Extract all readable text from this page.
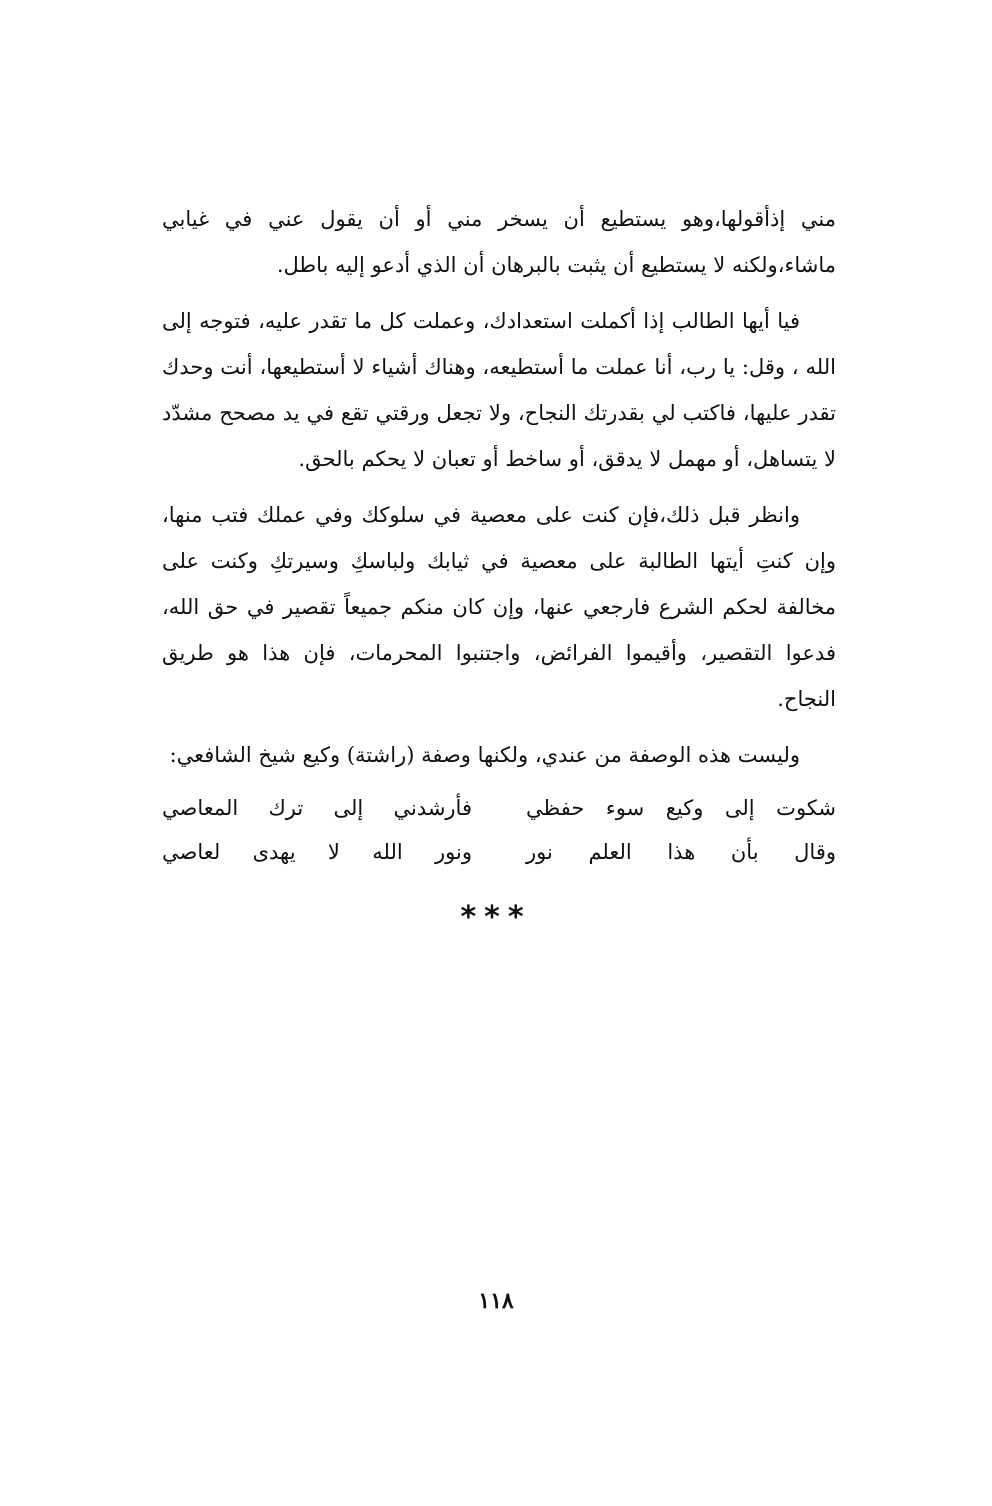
مني إذأقولها،وهو يستطيع أن يسخر مني أو أن يقول عني في غيابي ماشاء،ولكنه لا يستطيع أن يثبت بالبرهان أن الذي أدعو إليه باطل.

فيا أيها الطالب إذا أكملت استعدادك، وعملت كل ما تقدر عليه، فتوجه إلى الله ، وقل: يا رب، أنا عملت ما أستطيعه، وهناك أشياء لا أستطيعها، أنت وحدك تقدر عليها، فاكتب لي بقدرتك النجاح، ولا تجعل ورقتي تقع في يد مصحح مشدّد لا يتساهل، أو مهمل لا يدقق، أو ساخط أو تعبان لا يحكم بالحق.

وانظر قبل ذلك،فإن كنت على معصية في سلوكك وفي عملك فتب منها، وإن كنتِ أيتها الطالبة على معصية في ثيابك ولباسكِ وسيرتكِ وكنت على مخالفة لحكم الشرع فارجعي عنها، وإن كان منكم جميعاً تقصير في حق الله، فدعوا التقصير، وأقيموا الفرائض، واجتنبوا المحرمات، فإن هذا هو طريق النجاح.

وليست هذه الوصفة من عندي، ولكنها وصفة (راشتة) وكيع شيخ الشافعي:

شكوت إلى وكيع سوء حفظي
فأرشدني إلى ترك المعاصي
وقال بأن هذا العلم نور
ونور الله لا يهدى لعاصي
***
١١٨
